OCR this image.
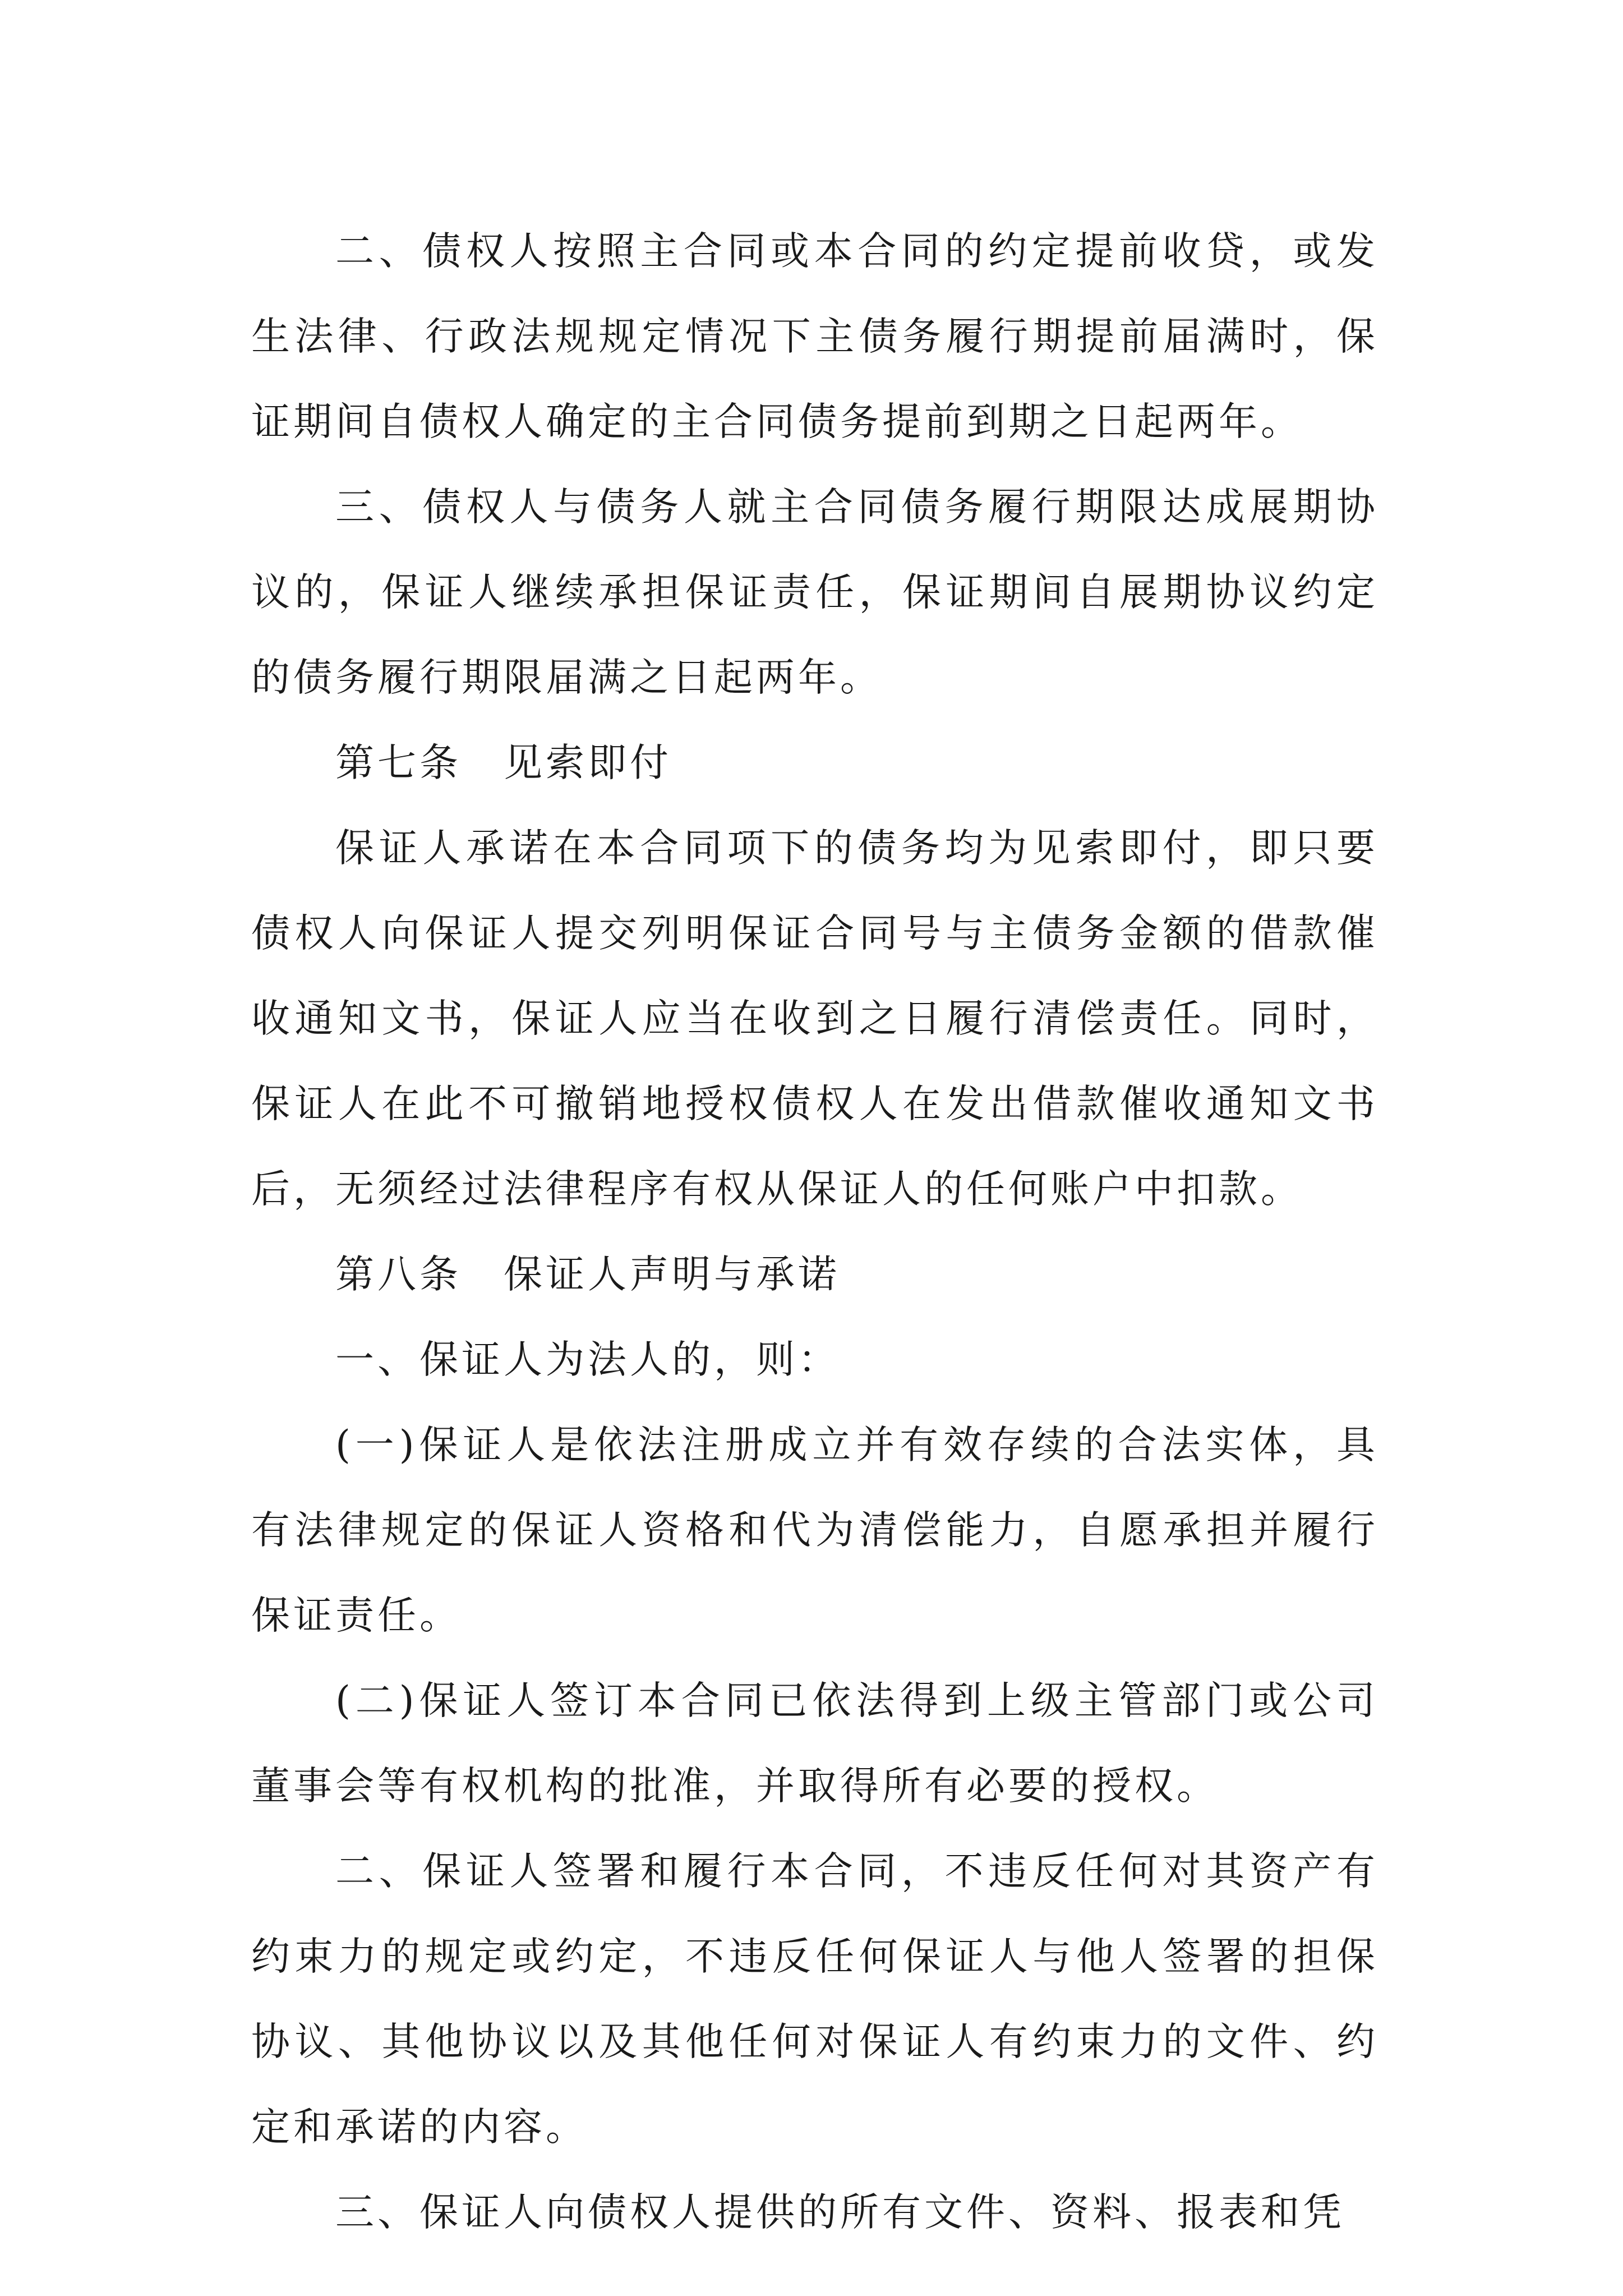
二、债权人按照主合同或本合同的约定提前收贷，或发生法律、行政法规规定情况下主债务履行期提前届满时，保证期间自债权人确定的主合同债务提前到期之日起两年。

三、债权人与债务人就主合同债务履行期限达成展期协议的，保证人继续承担保证责任，保证期间自展期协议约定的债务履行期限届满之日起两年。

第七条　见索即付

保证人承诺在本合同项下的债务均为见索即付，即只要债权人向保证人提交列明保证合同号与主债务金额的借款催收通知文书，保证人应当在收到之日履行清偿责任。同时，保证人在此不可撤销地授权债权人在发出借款催收通知文书后，无须经过法律程序有权从保证人的任何账户中扣款。

第八条　保证人声明与承诺

一、保证人为法人的，则：

(一)保证人是依法注册成立并有效存续的合法实体，具有法律规定的保证人资格和代为清偿能力，自愿承担并履行保证责任。

(二)保证人签订本合同已依法得到上级主管部门或公司董事会等有权机构的批准，并取得所有必要的授权。

二、保证人签署和履行本合同，不违反任何对其资产有约束力的规定或约定，不违反任何保证人与他人签署的担保协议、其他协议以及其他任何对保证人有约束力的文件、约定和承诺的内容。

三、保证人向债权人提供的所有文件、资料、报表和凭
